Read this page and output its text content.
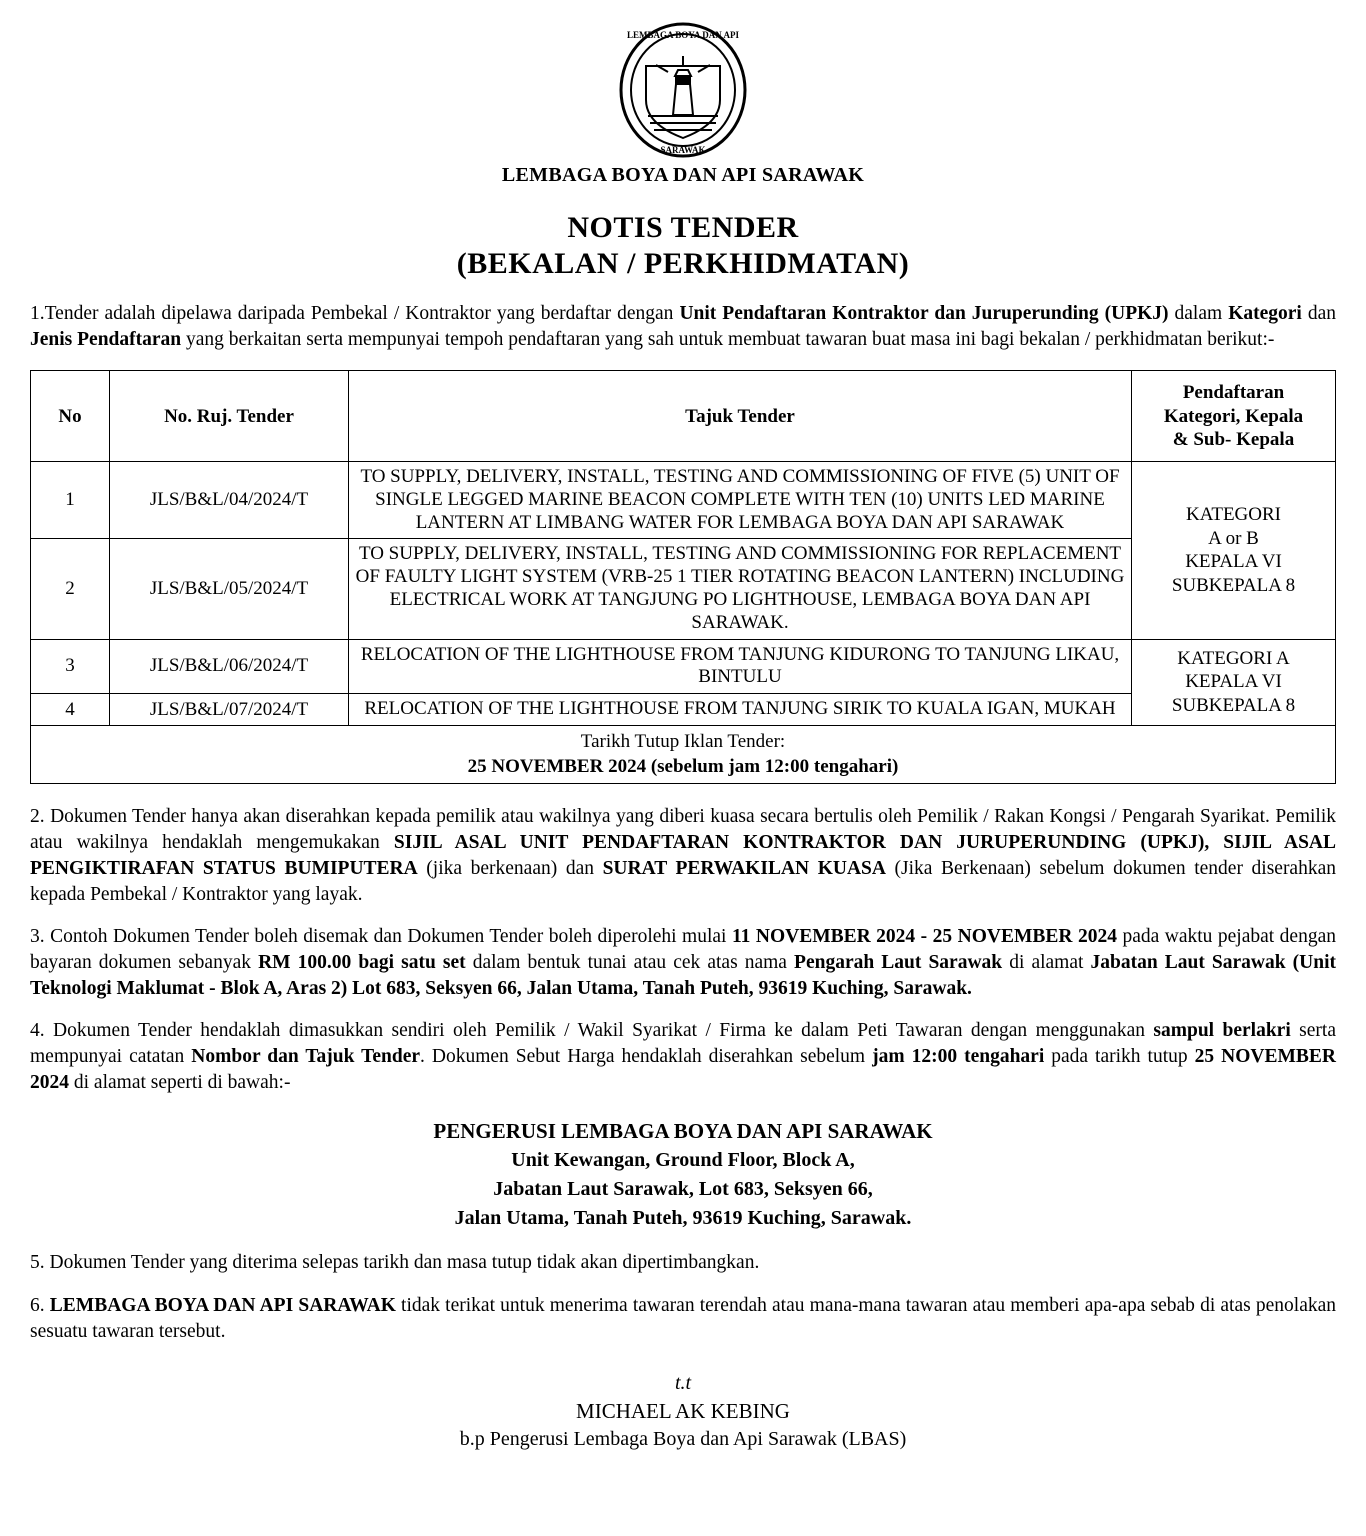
LEMBAGA BOYA DAN API
SARAWAK
LEMBAGA BOYA DAN API SARAWAK
NOTIS TENDER
(BEKALAN / PERKHIDMATAN)

1.Tender adalah dipelawa daripada Pembekal / Kontraktor yang berdaftar dengan Unit Pendaftaran Kontraktor dan Juruperunding (UPKJ) dalam Kategori dan Jenis Pendaftaran yang berkaitan serta mempunyai tempoh pendaftaran yang sah untuk membuat tawaran buat masa ini bagi bekalan / perkhidmatan berikut:-

No	No. Ruj. Tender	Tajuk Tender	Pendaftaran
Kategori, Kepala
& Sub- Kepala

1	JLS/B&L/04/2024/T	TO SUPPLY, DELIVERY, INSTALL, TESTING AND COMMISSIONING OF FIVE (5) UNIT OF SINGLE LEGGED MARINE BEACON COMPLETE WITH TEN (10) UNITS LED MARINE LANTERN AT LIMBANG WATER FOR LEMBAGA BOYA DAN API SARAWAK	KATEGORI
A or B
KEPALA VI
SUBKEPALA 8

2	JLS/B&L/05/2024/T	TO SUPPLY, DELIVERY, INSTALL, TESTING AND COMMISSIONING FOR REPLACEMENT OF FAULTY LIGHT SYSTEM (VRB-25 1 TIER ROTATING BEACON LANTERN) INCLUDING ELECTRICAL WORK AT TANGJUNG PO LIGHTHOUSE, LEMBAGA BOYA DAN API SARAWAK.	
3	JLS/B&L/06/2024/T	RELOCATION OF THE LIGHTHOUSE FROM TANJUNG KIDURONG TO TANJUNG LIKAU, BINTULU	KATEGORI A
KEPALA VI
SUBKEPALA 8

4	JLS/B&L/07/2024/T	RELOCATION OF THE LIGHTHOUSE FROM TANJUNG SIRIK TO KUALA IGAN, MUKAH	

Tarikh Tutup Iklan Tender:
25 NOVEMBER 2024 (sebelum jam 12:00 tengahari)			

2. Dokumen Tender hanya akan diserahkan kepada pemilik atau wakilnya yang diberi kuasa secara bertulis oleh Pemilik / Rakan Kongsi / Pengarah Syarikat. Pemilik atau wakilnya hendaklah mengemukakan SIJIL ASAL UNIT PENDAFTARAN KONTRAKTOR DAN JURUPERUNDING (UPKJ), SIJIL ASAL PENGIKTIRAFAN STATUS BUMIPUTERA (jika berkenaan) dan SURAT PERWAKILAN KUASA (Jika Berkenaan) sebelum dokumen tender diserahkan kepada Pembekal / Kontraktor yang layak.

3. Contoh Dokumen Tender boleh disemak dan Dokumen Tender boleh diperolehi mulai 11 NOVEMBER 2024 - 25 NOVEMBER 2024 pada waktu pejabat dengan bayaran dokumen sebanyak RM 100.00 bagi satu set dalam bentuk tunai atau cek atas nama Pengarah Laut Sarawak di alamat Jabatan Laut Sarawak (Unit Teknologi Maklumat - Blok A, Aras 2) Lot 683, Seksyen 66, Jalan Utama, Tanah Puteh, 93619 Kuching, Sarawak.

4. Dokumen Tender hendaklah dimasukkan sendiri oleh Pemilik / Wakil Syarikat / Firma ke dalam Peti Tawaran dengan menggunakan sampul berlakri serta mempunyai catatan Nombor dan Tajuk Tender. Dokumen Sebut Harga hendaklah diserahkan sebelum jam 12:00 tengahari pada tarikh tutup 25 NOVEMBER 2024 di alamat seperti di bawah:-

PENGERUSI LEMBAGA BOYA DAN API SARAWAK
Unit Kewangan, Ground Floor, Block A,
Jabatan Laut Sarawak, Lot 683, Seksyen 66,
Jalan Utama, Tanah Puteh, 93619 Kuching, Sarawak.

5. Dokumen Tender yang diterima selepas tarikh dan masa tutup tidak akan dipertimbangkan.

6. LEMBAGA BOYA DAN API SARAWAK tidak terikat untuk menerima tawaran terendah atau mana-mana tawaran atau memberi apa-apa sebab di atas penolakan sesuatu tawaran tersebut.

t.t
MICHAEL AK KEBING
b.p Pengerusi Lembaga Boya dan Api Sarawak (LBAS)
